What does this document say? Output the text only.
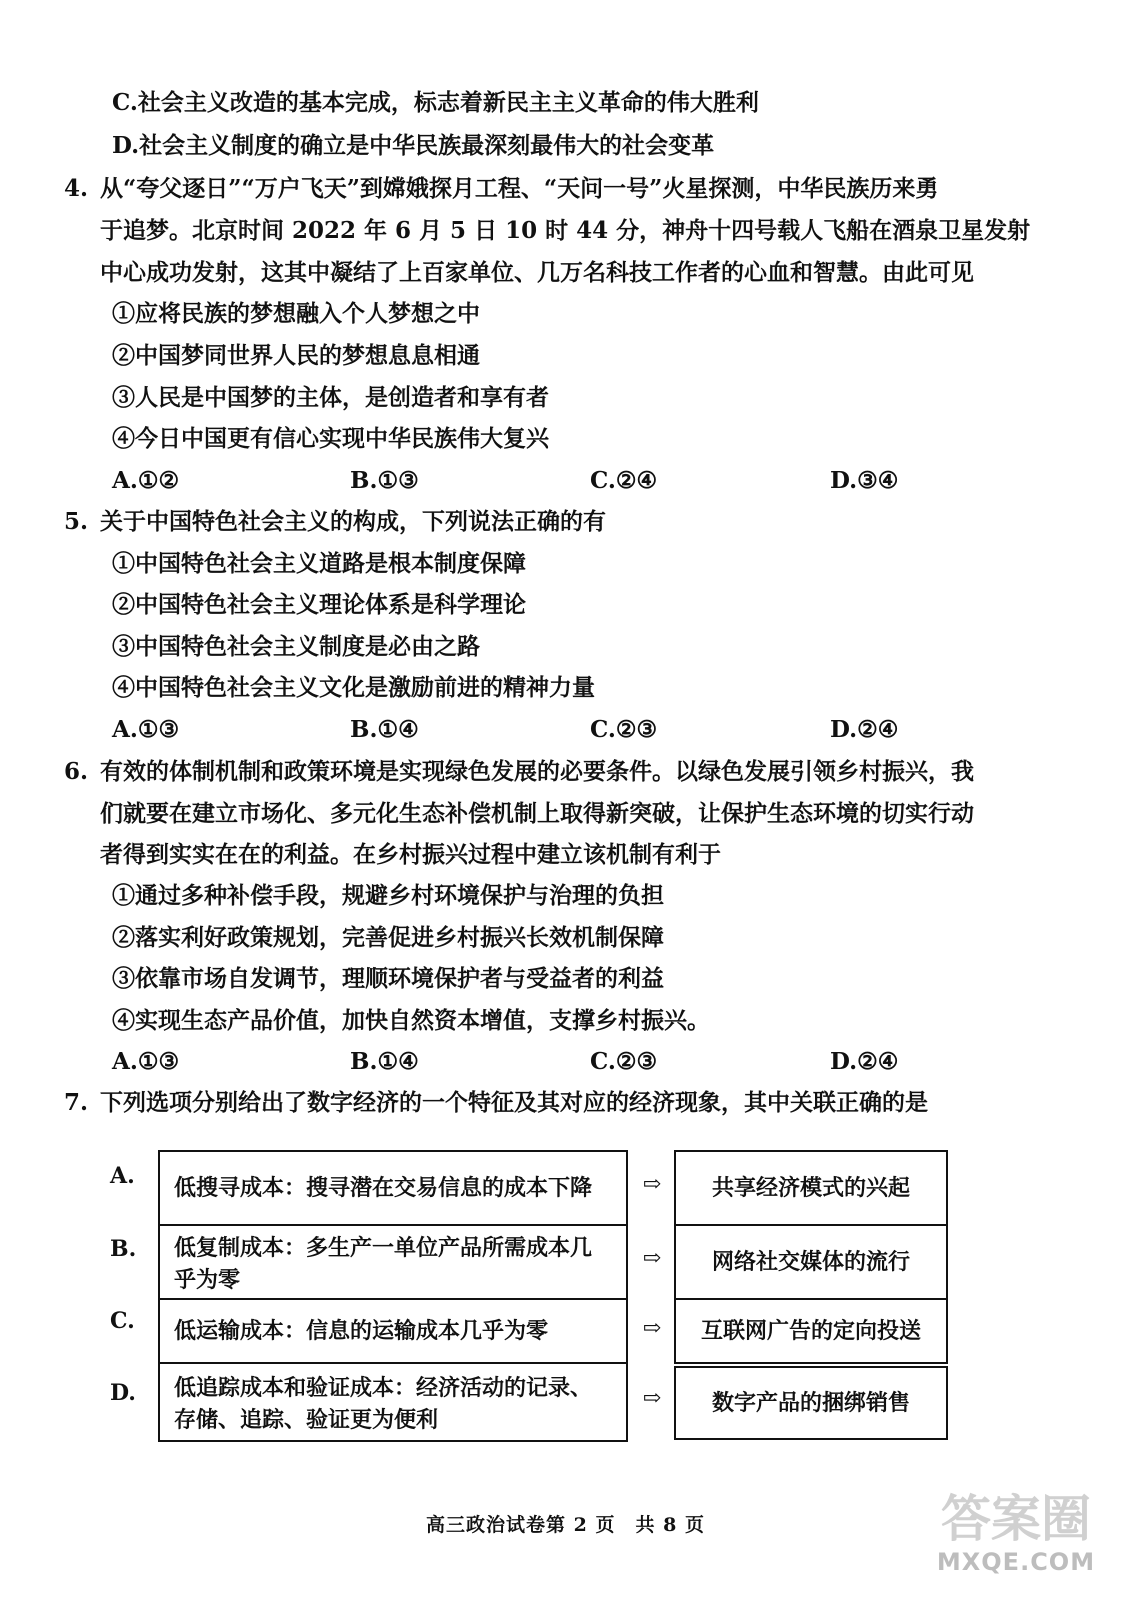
C.社会主义改造的基本完成，标志着新民主主义革命的伟大胜利
D.社会主义制度的确立是中华民族最深刻最伟大的社会变革
4. 从“夸父逐日”“万户飞天”到嫦娥探月工程、“天问一号”火星探测，中华民族历来勇
于追梦。北京时间 2022 年 6 月 5 日 10 时 44 分，神舟十四号载人飞船在酒泉卫星发射
中心成功发射，这其中凝结了上百家单位、几万名科技工作者的心血和智慧。由此可见
①应将民族的梦想融入个人梦想之中
②中国梦同世界人民的梦想息息相通
③人民是中国梦的主体，是创造者和享有者
④今日中国更有信心实现中华民族伟大复兴
A.①②	B.①③	C.②④	D.③④
5. 关于中国特色社会主义的构成，下列说法正确的有
①中国特色社会主义道路是根本制度保障
②中国特色社会主义理论体系是科学理论
③中国特色社会主义制度是必由之路
④中国特色社会主义文化是激励前进的精神力量
A.①③	B.①④	C.②③	D.②④
6. 有效的体制机制和政策环境是实现绿色发展的必要条件。以绿色发展引领乡村振兴，我
们就要在建立市场化、多元化生态补偿机制上取得新突破，让保护生态环境的切实行动
者得到实实在在的利益。在乡村振兴过程中建立该机制有利于
①通过多种补偿手段，规避乡村环境保护与治理的负担
②落实利好政策规划，完善促进乡村振兴长效机制保障
③依靠市场自发调节，理顺环境保护者与受益者的利益
④实现生态产品价值，加快自然资本增值，支撑乡村振兴。
A.①③	B.①④	C.②③	D.②④
7. 下列选项分别给出了数字经济的一个特征及其对应的经济现象，其中关联正确的是
A. 低搜寻成本：搜寻潜在交易信息的成本下降 ⇨	共享经济模式的兴起
B. 低复制成本：多生产一单位产品所需成本几
乎为零
⇨	网络社交媒体的流行
C. 低运输成本：信息的运输成本几乎为零	⇨	互联网广告的定向投送
D. 低追踪成本和验证成本：经济活动的记录、
存储、追踪、验证更为便利
⇨	数字产品的捆绑销售
高三政治试卷第 2 页　共 8 页	答案圈
MXQE.COM
